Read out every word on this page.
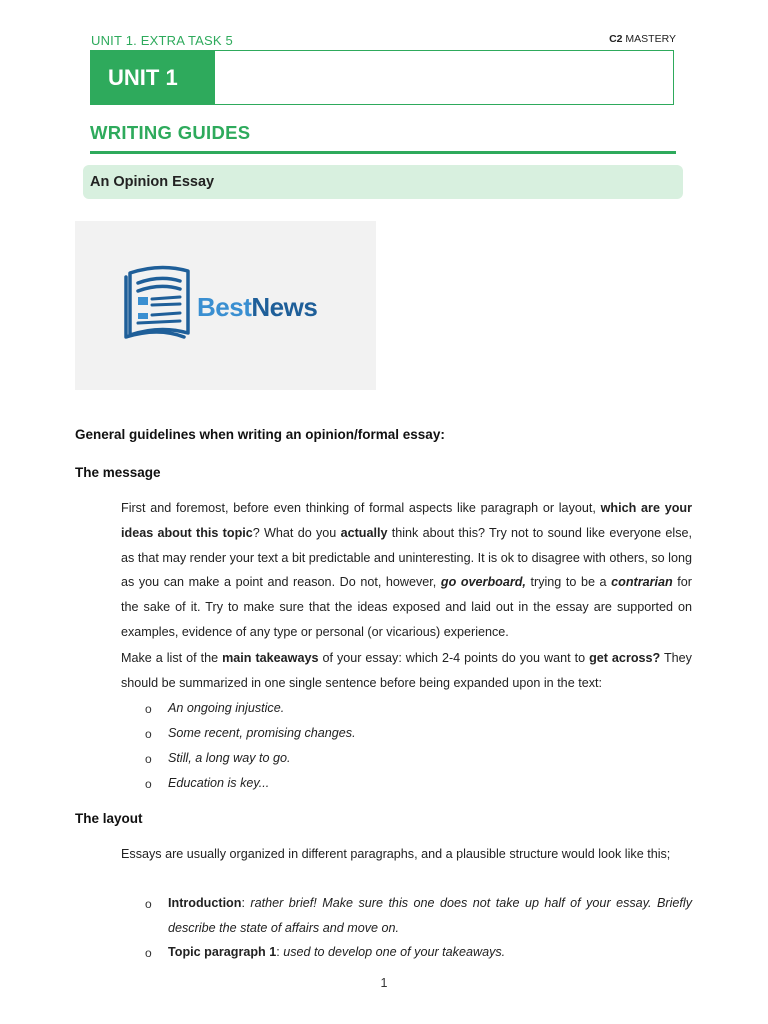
UNIT 1. EXTRA TASK 5	C2 MASTERY
UNIT 1
WRITING GUIDES
An Opinion Essay
BestNews
General guidelines when writing an opinion/formal essay:
The message
First and foremost, before even thinking of formal aspects like paragraph or layout, which are your ideas about this topic? What do you actually think about this? Try not to sound like everyone else, as that may render your text a bit predictable and uninteresting. It is ok to disagree with others, so long as you can make a point and reason. Do not, however, go overboard, trying to be a contrarian for the sake of it. Try to make sure that the ideas exposed and laid out in the essay are supported on examples, evidence of any type or personal (or vicarious) experience.
Make a list of the main takeaways of your essay: which 2-4 points do you want to get across? They should be summarized in one single sentence before being expanded upon in the text:
o An ongoing injustice.
o Some recent, promising changes.
o Still, a long way to go.
o Education is key...
The layout
Essays are usually organized in different paragraphs, and a plausible structure would look like this;
o Introduction: rather brief! Make sure this one does not take up half of your essay. Briefly describe the state of affairs and move on.
o Topic paragraph 1: used to develop one of your takeaways.
1
